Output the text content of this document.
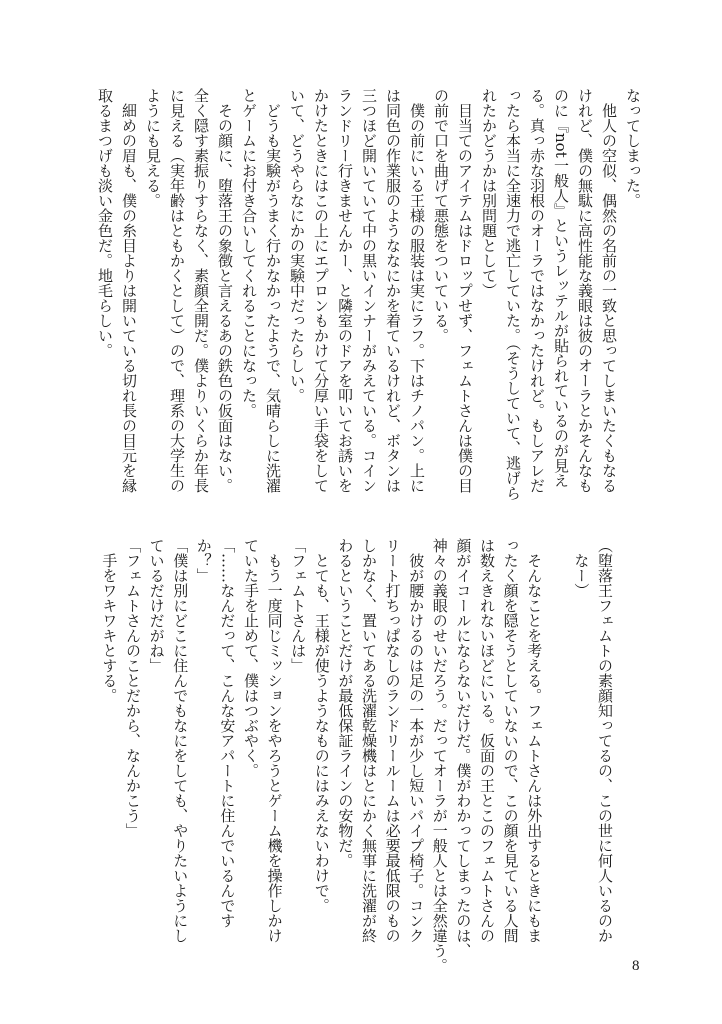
なってしまった。
他人の空似、偶然の名前の一致と思ってしまいたくもなる
けれど、僕の無駄に高性能な義眼は彼のオーラとかそんなも
のに『not一般人』というレッテルが貼られているのが見え
る。真っ赤な羽根のオーラではなかったけれど。もしアレだ
ったら本当に全速力で逃亡していた。（そうしていて、逃げら
れたかどうかは別問題として）
目当てのアイテムはドロップせず、フェムトさんは僕の目
の前で口を曲げて悪態をついている。
僕の前にいる王様の服装は実にラフ。下はチノパン。上に
は同色の作業服のようななにかを着ているけれど、ボタンは
三つほど開いていて中の黒いインナーがみえている。コイン
ランドリー行きませんかー、と隣室のドアを叩いてお誘いを
かけたときにはこの上にエプロンもかけて分厚い手袋をして
いて、どうやらなにかの実験中だったらしい。
どうも実験がうまく行かなかったようで、気晴らしに洗濯
とゲームにお付き合いしてくれることになった。
その顔に、堕落王の象徴と言えるあの鉄色の仮面はない。
全く隠す素振りすらなく、素顔全開だ。僕よりいくらか年長
に見える（実年齢はともかくとして）ので、理系の大学生の
ようにも見える。
細めの眉も、僕の糸目よりは開いている切れ長の目元を縁
取るまつげも淡い金色だ。地毛らしい。
（堕落王フェムトの素顔知ってるの、この世に何人いるのか
なー）
そんなことを考える。フェムトさんは外出するときにもま
ったく顔を隠そうとしていないので、この顔を見ている人間
は数えきれないほどにいる。仮面の王とこのフェムトさんの
顔がイコールにならないだけだ。僕がわかってしまったのは、
神々の義眼のせいだろう。だってオーラが一般人とは全然違う。
彼が腰かけるのは足の一本が少し短いパイプ椅子。コンク
リート打ちっぱなしのランドリールームは必要最低限のもの
しかなく、置いてある洗濯乾燥機はとにかく無事に洗濯が終
わるということだけが最低保証ラインの安物だ。
とても、王様が使うようなものにはみえないわけで。
「フェムトさんは」
もう一度同じミッションをやろうとゲーム機を操作しかけ
ていた手を止めて、僕はつぶやく。
「……なんだって、こんな安アパートに住んでいるんです
か？」
「僕は別にどこに住んでもなにをしても、やりたいようにし
ているだけだがね」
「フェムトさんのことだから、なんかこう」
手をワキワキとする。
8
